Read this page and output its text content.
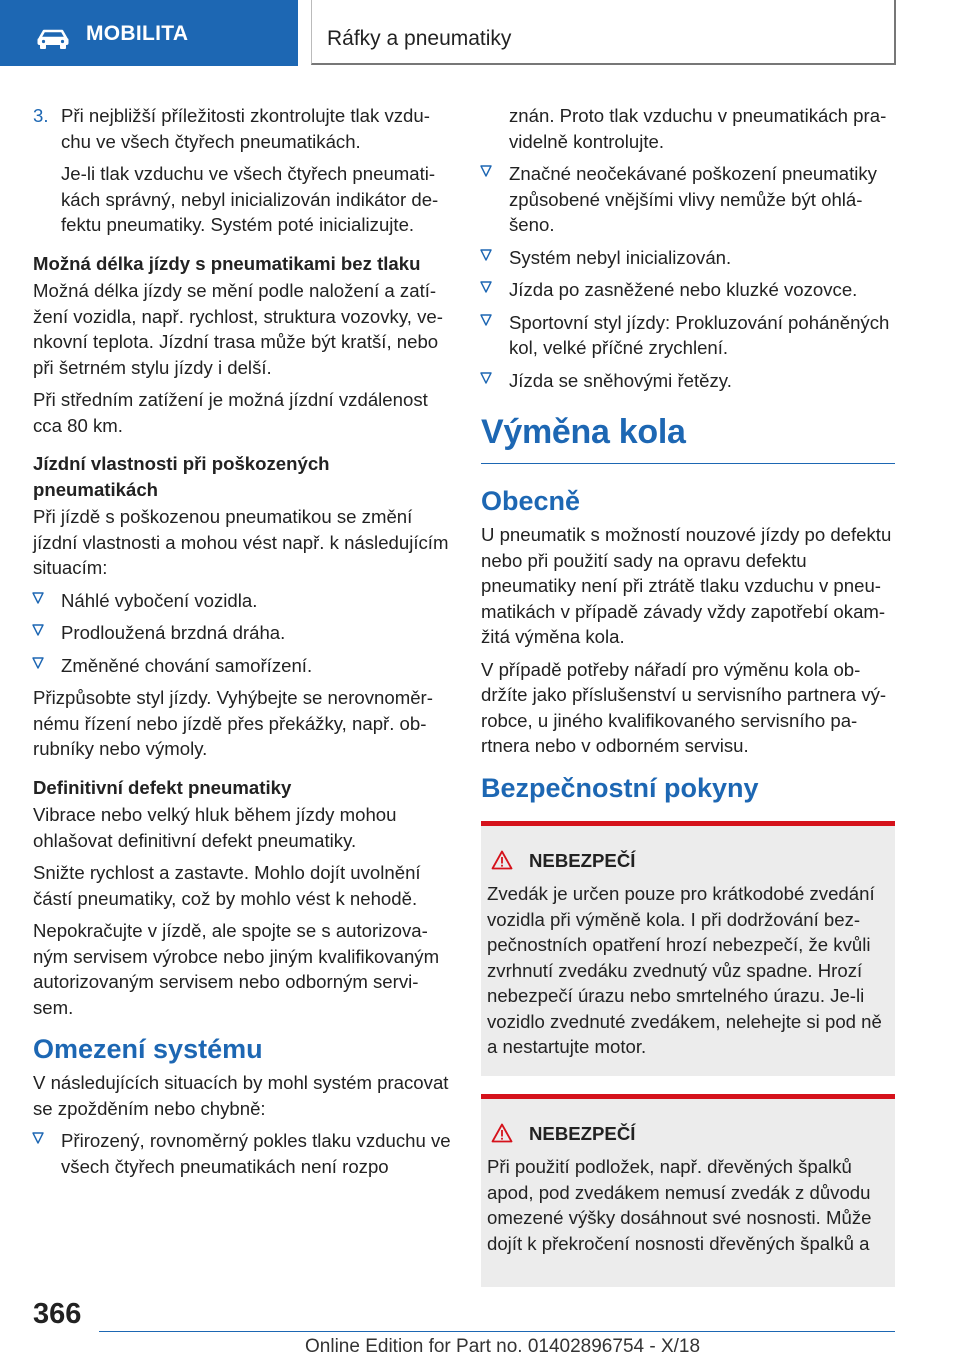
MOBILITA	Ráfky a pneumatiky
3. Při nejbližší příležitosti zkontrolujte tlak vzduchu ve všech čtyřech pneumatikách.

Je-li tlak vzduchu ve všech čtyřech pneumatikách správný, nebyl inicializován indikátor defektu pneumatiky. Systém poté inicializujte.

Možná délka jízdy s pneumatikami bez tlaku

Možná délka jízdy se mění podle naložení a zatížení vozidla, např. rychlost, struktura vozovky, venkovní teplota. Jízdní trasa může být kratší, nebo při šetrném stylu jízdy i delší.

Při středním zatížení je možná jízdní vzdálenost cca 80 km.

Jízdní vlastnosti při poškozených pneumatikách

Při jízdě s poškozenou pneumatikou se změní jízdní vlastnosti a mohou vést např. k následujícím situacím:

Náhlé vybočení vozidla.
Prodloužená brzdná dráha.
Změněné chování samořízení.

Přizpůsobte styl jízdy. Vyhýbejte se nerovnoměrnému řízení nebo jízdě přes překážky, např. obrubníky nebo výmoly.

Definitivní defekt pneumatiky

Vibrace nebo velký hluk během jízdy mohou ohlašovat definitivní defekt pneumatiky.

Snižte rychlost a zastavte. Mohlo dojít uvolnění částí pneumatiky, což by mohlo vést k nehodě.

Nepokračujte v jízdě, ale spojte se s autorizovaným servisem výrobce nebo jiným kvalifikovaným autorizovaným servisem nebo odborným servisem.

Omezení systému

V následujících situacích by mohl systém pracovat se zpožděním nebo chybně:

Přirozený, rovnoměrný pokles tlaku vzduchu ve všech čtyřech pneumatikách není rozpo

znán. Proto tlak vzduchu v pneumatikách pravidelně kontrolujte.

Značné neočekávané poškození pneumatiky způsobené vnějšími vlivy nemůže být ohlášeno.
Systém nebyl inicializován.
Jízda po zasněžené nebo kluzké vozovce.
Sportovní styl jízdy: Prokluzování poháněných kol, velké příčné zrychlení.
Jízda se sněhovými řetězy.
Výměna kola
Obecně

U pneumatik s možností nouzové jízdy po defektu nebo při použití sady na opravu defektu pneumatiky není při ztrátě tlaku vzduchu v pneumatikách v případě závady vždy zapotřebí okamžitá výměna kola.

V případě potřeby nářadí pro výměnu kola obdržíte jako příslušenství u servisního partnera výrobce, u jiného kvalifikovaného servisního partnera nebo v odborném servisu.

Bezpečnostní pokyny
NEBEZPEČÍ

Zvedák je určen pouze pro krátkodobé zvedání vozidla při výměně kola. I při dodržování bezpečnostních opatření hrozí nebezpečí, že kvůli zvrhnutí zvedáku zvednutý vůz spadne. Hrozí nebezpečí úrazu nebo smrtelného úrazu. Je-li vozidlo zvednuté zvedákem, nelehejte si pod ně a nestartujte motor.

NEBEZPEČÍ

Při použití podložek, např. dřevěných špalků apod, pod zvedákem nemusí zvedák z důvodu omezené výšky dosáhnout své nosnosti. Může dojít k překročení nosnosti dřevěných špalků a

366
Online Edition for Part no. 01402896754 - X/18
